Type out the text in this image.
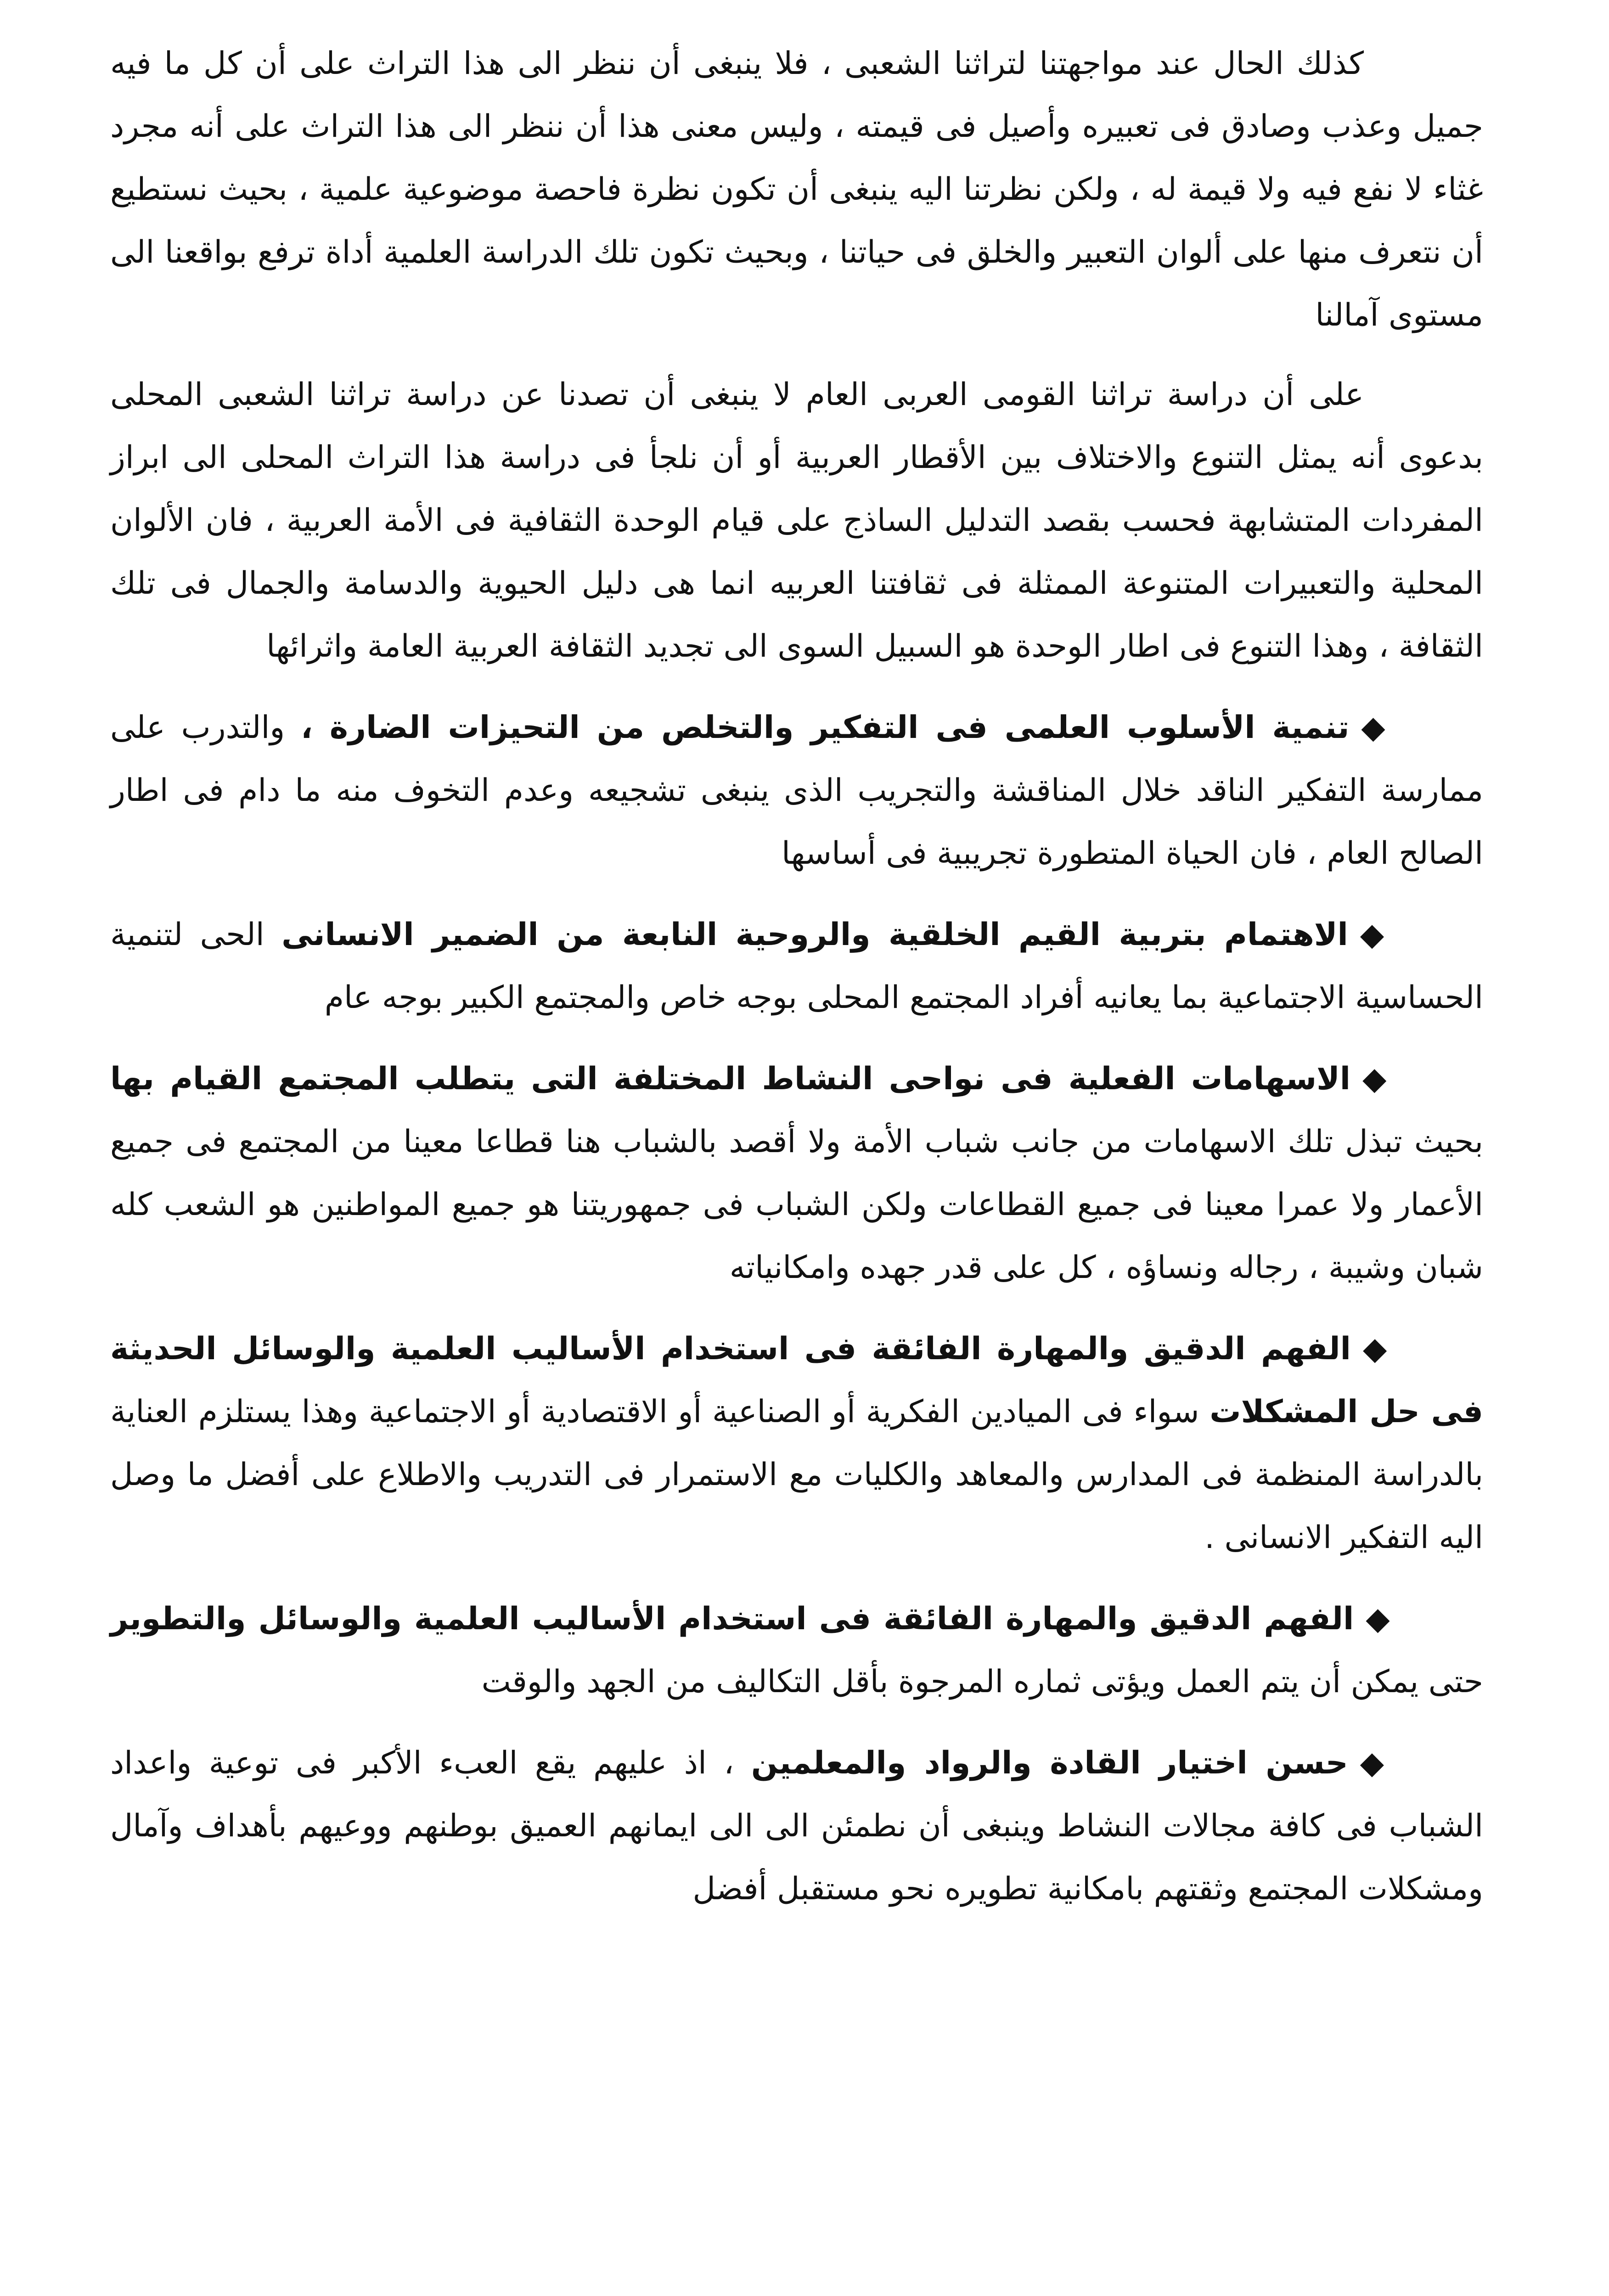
كذلك الحال عند مواجهتنا لتراثنا الشعبى ، فلا ينبغى أن ننظر الى هذا التراث على أن كل ما فيه جميل وعذب وصادق فى تعبيره وأصيل فى قيمته ، وليس معنى هذا أن ننظر الى هذا التراث على أنه مجرد غثاء لا نفع فيه ولا قيمة له ، ولكن نظرتنا اليه ينبغى أن تكون نظرة فاحصة موضوعية علمية ، بحيث نستطيع أن نتعرف منها على ألوان التعبير والخلق فى حياتنا ، وبحيث تكون تلك الدراسة العلمية أداة ترفع بواقعنا الى مستوى آمالنا

على أن دراسة تراثنا القومى العربى العام لا ينبغى أن تصدنا عن دراسة تراثنا الشعبى المحلى بدعوى أنه يمثل التنوع والاختلاف بين الأقطار العربية أو أن نلجأ فى دراسة هذا التراث المحلى الى ابراز المفردات المتشابهة فحسب بقصد التدليل الساذج على قيام الوحدة الثقافية فى الأمة العربية ، فان الألوان المحلية والتعبيرات المتنوعة الممثلة فى ثقافتنا العربيه انما هى دليل الحيوية والدسامة والجمال فى تلك الثقافة ، وهذا التنوع فى اطار الوحدة هو السبيل السوى الى تجديد الثقافة العربية العامة واثرائها

◆تنمية الأسلوب العلمى فى التفكير والتخلص من التحيزات الضارة ، والتدرب على ممارسة التفكير الناقد خلال المناقشة والتجريب الذى ينبغى تشجيعه وعدم التخوف منه ما دام فى اطار الصالح العام ، فان الحياة المتطورة تجريبية فى أساسها

◆الاهتمام بتربية القيم الخلقية والروحية النابعة من الضمير الانسانى الحى لتنمية الحساسية الاجتماعية بما يعانيه أفراد المجتمع المحلى بوجه خاص والمجتمع الكبير بوجه عام

◆الاسهامات الفعلية فى نواحى النشاط المختلفة التى يتطلب المجتمع القيام بها بحيث تبذل تلك الاسهامات من جانب شباب الأمة ولا أقصد بالشباب هنا قطاعا معينا من المجتمع فى جميع الأعمار ولا عمرا معينا فى جميع القطاعات ولكن الشباب فى جمهوريتنا هو جميع المواطنين هو الشعب كله شبان وشيبة ، رجاله ونساؤه ، كل على قدر جهده وامكانياته

◆الفهم الدقيق والمهارة الفائقة فى استخدام الأساليب العلمية والوسائل الحديثة فى حل المشكلات سواء فى الميادين الفكرية أو الصناعية أو الاقتصادية أو الاجتماعية وهذا يستلزم العناية بالدراسة المنظمة فى المدارس والمعاهد والكليات مع الاستمرار فى التدريب والاطلاع على أفضل ما وصل اليه التفكير الانسانى .

◆الفهم الدقيق والمهارة الفائقة فى استخدام الأساليب العلمية والوسائل والتطوير حتى يمكن أن يتم العمل ويؤتى ثماره المرجوة بأقل التكاليف من الجهد والوقت

◆حسن اختيار القادة والرواد والمعلمين ، اذ عليهم يقع العبء الأكبر فى توعية واعداد الشباب فى كافة مجالات النشاط وينبغى أن نطمئن الى الى ايمانهم العميق بوطنهم ووعيهم بأهداف وآمال ومشكلات المجتمع وثقتهم بامكانية تطويره نحو مستقبل أفضل
